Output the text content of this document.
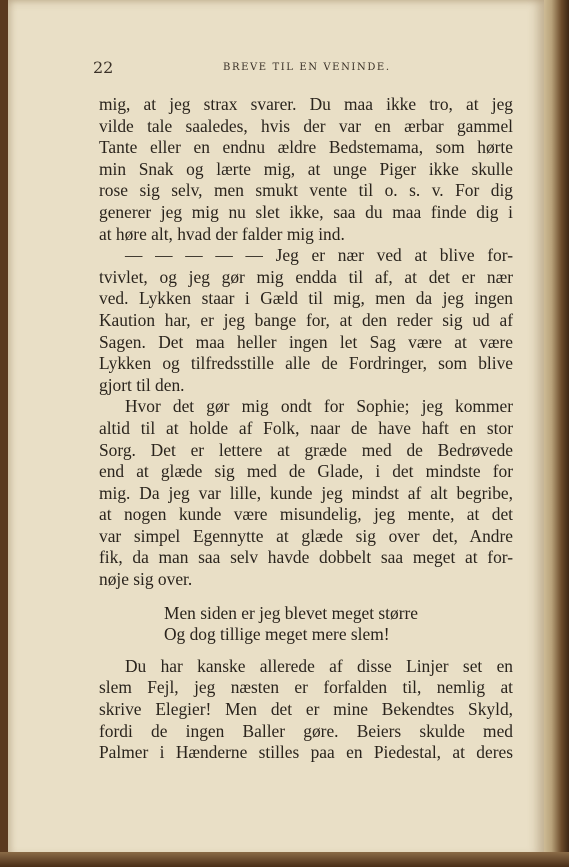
22	BREVE TIL EN VENINDE.
mig, at jeg strax svarer. Du maa ikke tro, at jeg
vilde tale saaledes, hvis der var en ærbar gammel
Tante eller en endnu ældre Bedstemama, som hørte
min Snak og lærte mig, at unge Piger ikke skulle
rose sig selv, men smukt vente til o. s. v. For dig
generer jeg mig nu slet ikke, saa du maa finde dig i
at høre alt, hvad der falder mig ind.
— — — — — Jeg er nær ved at blive for-
tvivlet, og jeg gør mig endda til af, at det er nær
ved. Lykken staar i Gæld til mig, men da jeg ingen
Kaution har, er jeg bange for, at den reder sig ud af
Sagen. Det maa heller ingen let Sag være at være
Lykken og tilfredsstille alle de Fordringer, som blive
gjort til den.
Hvor det gør mig ondt for Sophie; jeg kommer
altid til at holde af Folk, naar de have haft en stor
Sorg. Det er lettere at græde med de Bedrøvede
end at glæde sig med de Glade, i det mindste for
mig. Da jeg var lille, kunde jeg mindst af alt begribe,
at nogen kunde være misundelig, jeg mente, at det
var simpel Egennytte at glæde sig over det, Andre
fik, da man saa selv havde dobbelt saa meget at for-
nøje sig over.
Men siden er jeg blevet meget større
Og dog tillige meget mere slem!
Du har kanske allerede af disse Linjer set en
slem Fejl, jeg næsten er forfalden til, nemlig at
skrive Elegier! Men det er mine Bekendtes Skyld,
fordi de ingen Baller gøre. Beiers skulde med
Palmer i Hænderne stilles paa en Piedestal, at deres
